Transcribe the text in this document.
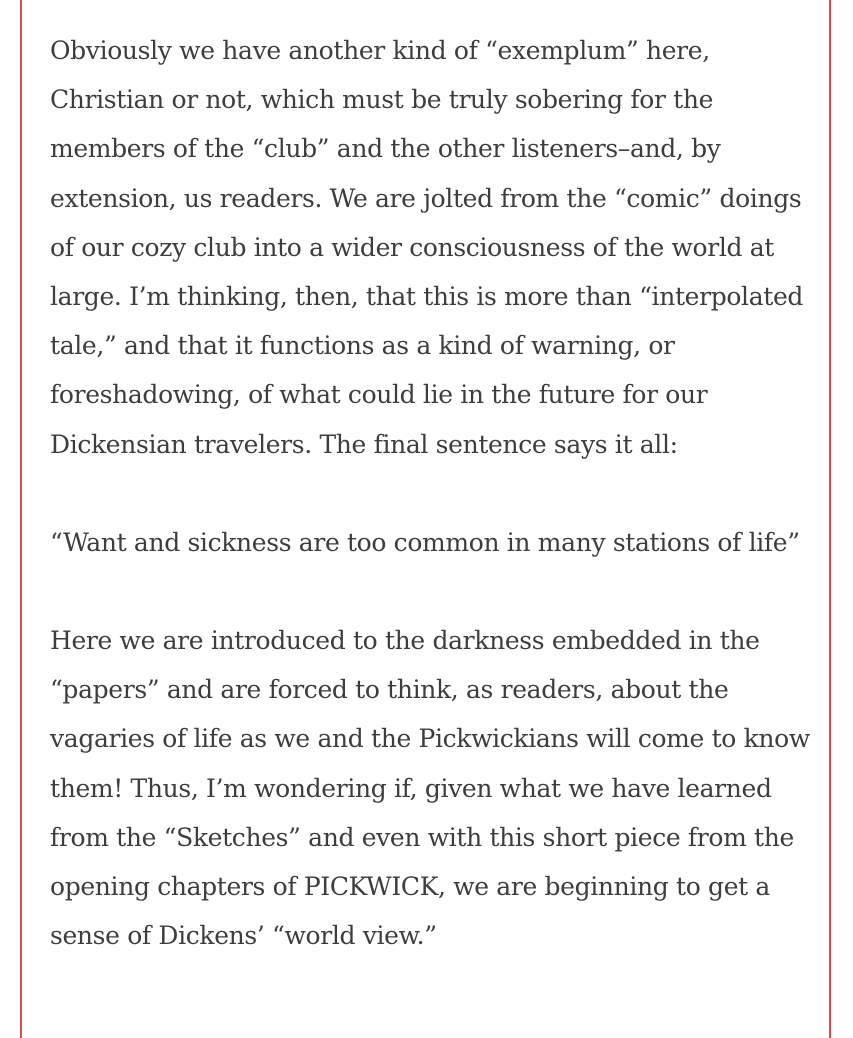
Obviously we have another kind of “exemplum” here, Christian or not, which must be truly sobering for the members of the “club” and the other listeners–and, by extension, us readers. We are jolted from the “comic” doings of our cozy club into a wider consciousness of the world at large. I’m thinking, then, that this is more than “interpolated tale,” and that it functions as a kind of warning, or foreshadowing, of what could lie in the future for our Dickensian travelers. The final sentence says it all:

“Want and sickness are too common in many stations of life”

Here we are introduced to the darkness embedded in the “papers” and are forced to think, as readers, about the vagaries of life as we and the Pickwickians will come to know them! Thus, I’m wondering if, given what we have learned from the “Sketches” and even with this short piece from the opening chapters of PICKWICK, we are beginning to get a sense of Dickens’ “world view.”
